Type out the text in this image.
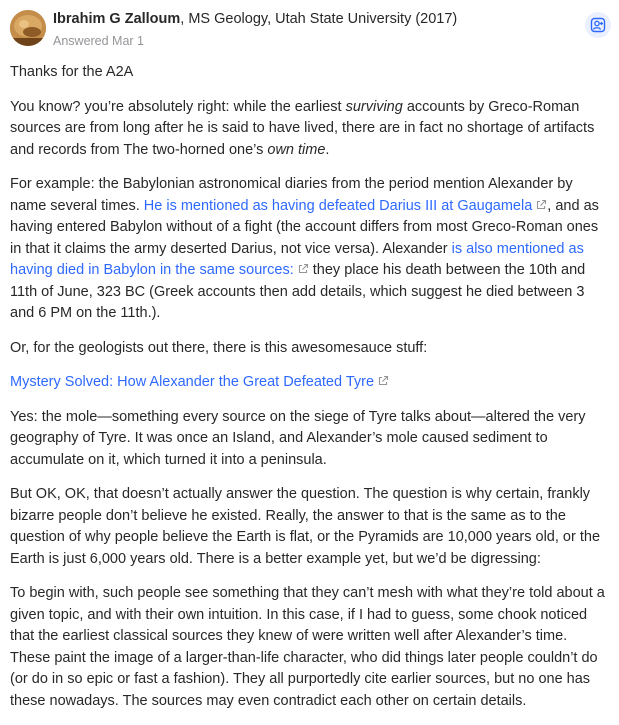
Ibrahim G Zalloum, MS Geology, Utah State University (2017)
Answered Mar 1

Thanks for the A2A

You know? you’re absolutely right: while the earliest surviving accounts by Greco-Roman sources are from long after he is said to have lived, there are in fact no shortage of artifacts and records from The two-horned one’s own time.

For example: the Babylonian astronomical diaries from the period mention Alexander by name several times. He is mentioned as having defeated Darius III at Gaugamela , and as having entered Babylon without of a fight (the account differs from most Greco-Roman ones in that it claims the army deserted Darius, not vice versa). Alexander is also mentioned as having died in Babylon in the same sources: they place his death between the 10th and 11th of June, 323 BC (Greek accounts then add details, which suggest he died between 3 and 6 PM on the 11th.).

Or, for the geologists out there, there is this awesomesauce stuff:

Mystery Solved: How Alexander the Great Defeated Tyre

Yes: the mole—something every source on the siege of Tyre talks about—altered the very geography of Tyre. It was once an Island, and Alexander’s mole caused sediment to accumulate on it, which turned it into a peninsula.

But OK, OK, that doesn’t actually answer the question. The question is why certain, frankly bizarre people don’t believe he existed. Really, the answer to that is the same as to the question of why people believe the Earth is flat, or the Pyramids are 10,000 years old, or the Earth is just 6,000 years old. There is a better example yet, but we’d be digressing:

To begin with, such people see something that they can’t mesh with what they’re told about a given topic, and with their own intuition. In this case, if I had to guess, some chook noticed that the earliest classical sources they knew of were written well after Alexander’s time. These paint the image of a larger-than-life character, who did things later people couldn’t do (or do in so epic or fast a fashion). They all purportedly cite earlier sources, but no one has these nowadays. The sources may even contradict each other on certain details.
